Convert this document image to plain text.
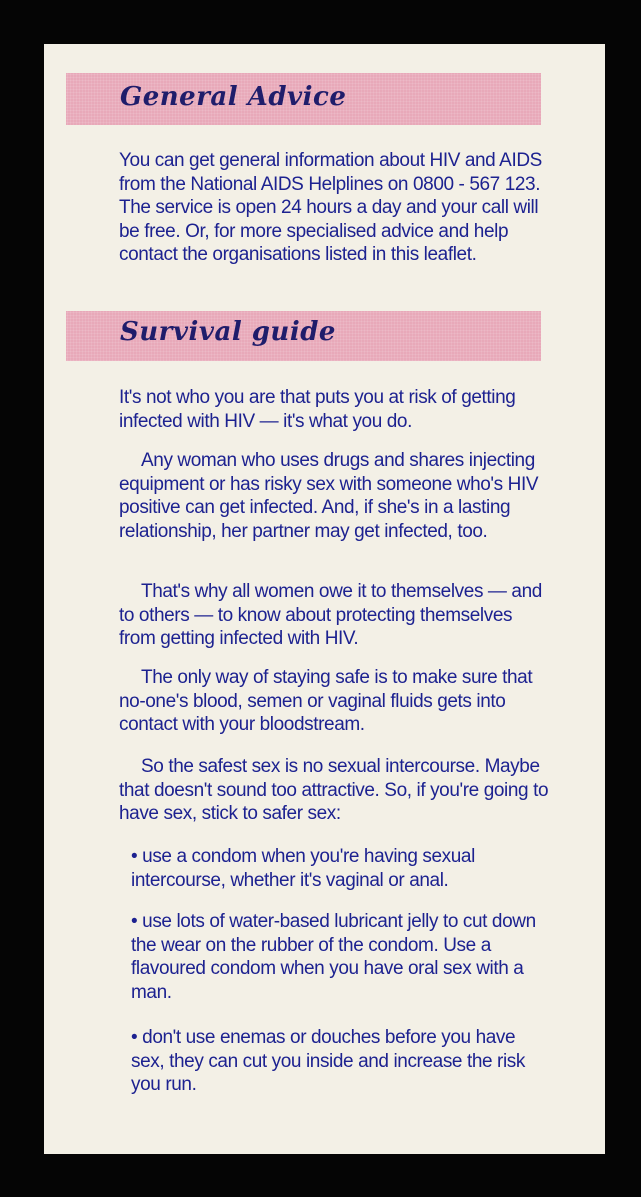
General Advice

You can get general information about HIV and AIDS from the National AIDS Helplines on 0800 - 567 123. The service is open 24 hours a day and your call will be free. Or, for more specialised advice and help contact the organisations listed in this leaflet.

Survival guide

It's not who you are that puts you at risk of getting infected with HIV — it's what you do.

Any woman who uses drugs and shares injecting equipment or has risky sex with someone who's HIV positive can get infected. And, if she's in a lasting relationship, her partner may get infected, too.

That's why all women owe it to themselves — and to others — to know about protecting themselves from getting infected with HIV.

The only way of staying safe is to make sure that no-one's blood, semen or vaginal fluids gets into contact with your bloodstream.

So the safest sex is no sexual intercourse. Maybe that doesn't sound too attractive. So, if you're going to have sex, stick to safer sex:

• use a condom when you're having sexual intercourse, whether it's vaginal or anal.

• use lots of water-based lubricant jelly to cut down the wear on the rubber of the condom. Use a flavoured condom when you have oral sex with a man.

• don't use enemas or douches before you have sex, they can cut you inside and increase the risk you run.
